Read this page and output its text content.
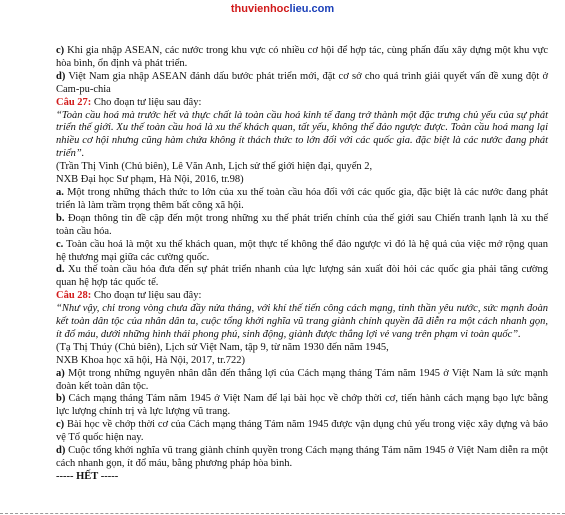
thuvienhoclieu.com

c) Khi gia nhập ASEAN, các nước trong khu vực có nhiều cơ hội để hợp tác, cùng phấn đấu xây dựng một khu vực hòa bình, ổn định và phát triển.

d) Việt Nam gia nhập ASEAN đánh dấu bước phát triển mới, đặt cơ sở cho quá trình giải quyết vấn đề xung đột ở Cam-pu-chia

Câu 27: Cho đoạn tư liệu sau đây:

“Toàn cầu hoá mà trước hết và thực chất là toàn cầu hoá kinh tế đang trở thành một đặc trưng chủ yếu của sự phát triển thế giới. Xu thế toàn cầu hoá là xu thế khách quan, tất yếu, không thể đảo ngược được. Toàn cầu hoá mang lại nhiều cơ hội nhưng cũng hàm chứa không ít thách thức to lớn đối với các quốc gia. đặc biệt là các nước đang phát triển”.

(Trần Thị Vinh (Chủ biên), Lê Văn Anh, Lịch sử thế giới hiện đại, quyển 2,

NXB Đại học Sư phạm, Hà Nội, 2016, tr.98)

a. Một trong những thách thức to lớn của xu thế toàn cầu hóa đối với các quốc gia, đặc biệt là các nước đang phát triển là làm trầm trọng thêm bất công xã hội.

b. Đoạn thông tin đề cập đến một trong những xu thế phát triển chính của thế giới sau Chiến tranh lạnh là xu thế toàn cầu hóa.

c. Toàn cầu hoá là một xu thế khách quan, một thực tế không thể đảo ngược vì đó là hệ quả của việc mở rộng quan hệ thương mại giữa các cường quốc.

d. Xu thế toàn cầu hóa đưa đến sự phát triển nhanh của lực lượng sản xuất đòi hỏi các quốc gia phải tăng cường quan hệ hợp tác quốc tế.

Câu 28: Cho đoạn tư liệu sau đây:

“Như vậy, chỉ trong vòng chưa đầy nửa tháng, với khí thế tiến công cách mạng, tinh thần yêu nước, sức mạnh đoàn kết toàn dân tộc của nhân dân ta, cuộc tổng khởi nghĩa vũ trang giành chính quyền đã diễn ra một cách nhanh gọn, ít đổ máu, dưới những hình thái phong phú, sinh động, giành được thắng lợi vẻ vang trên phạm vi toàn quốc”.

(Tạ Thị Thúy (Chủ biên), Lịch sử Việt Nam, tập 9, từ năm 1930 đến năm 1945,

NXB Khoa học xã hội, Hà Nội, 2017, tr.722)

a) Một trong những nguyên nhân dẫn đến thắng lợi của Cách mạng tháng Tám năm 1945 ở Việt Nam là sức mạnh đoàn kết toàn dân tộc.

b) Cách mạng tháng Tám năm 1945 ở Việt Nam để lại bài học về chớp thời cơ, tiến hành cách mạng bạo lực bằng lực lượng chính trị và lực lượng vũ trang.

c) Bài học về chớp thời cơ của Cách mạng tháng Tám năm 1945 được vận dụng chủ yếu trong việc xây dựng và bảo vệ Tổ quốc hiện nay.

d) Cuộc tổng khởi nghĩa vũ trang giành chính quyền trong Cách mạng tháng Tám năm 1945 ở Việt Nam diễn ra một cách nhanh gọn, ít đổ máu, bằng phương pháp hòa bình.

----- HẾT -----
